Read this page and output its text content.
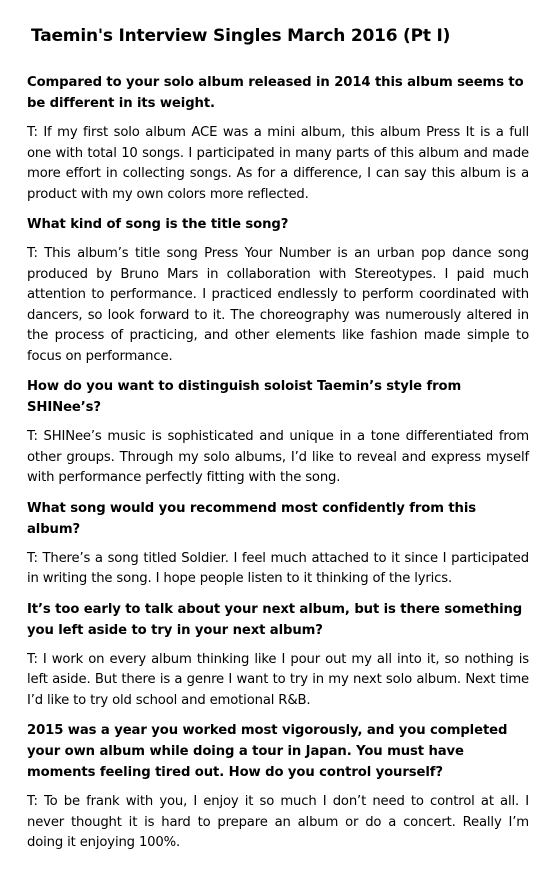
Taemin's Interview Singles March 2016 (Pt I)

Compared to your solo album released in 2014 this album seems to be different in its weight.

T: If my first solo album ACE was a mini album, this album Press It is a full one with total 10 songs. I participated in many parts of this album and made more effort in collecting songs. As for a difference, I can say this album is a product with my own colors more reflected.

What kind of song is the title song?

T: This album’s title song Press Your Number is an urban pop dance song produced by Bruno Mars in collaboration with Stereotypes. I paid much attention to performance. I practiced endlessly to perform coordinated with dancers, so look forward to it. The choreography was numerously altered in the process of practicing, and other elements like fashion made simple to focus on performance.

How do you want to distinguish soloist Taemin’s style from SHINee’s?

T: SHINee’s music is sophisticated and unique in a tone differentiated from other groups. Through my solo albums, I’d like to reveal and express myself with performance perfectly fitting with the song.

What song would you recommend most confidently from this album?

T: There’s a song titled Soldier. I feel much attached to it since I participated in writing the song. I hope people listen to it thinking of the lyrics.

It’s too early to talk about your next album, but is there something you left aside to try in your next album?

T: I work on every album thinking like I pour out my all into it, so nothing is left aside. But there is a genre I want to try in my next solo album. Next time I’d like to try old school and emotional R&B.

2015 was a year you worked most vigorously, and you completed your own album while doing a tour in Japan. You must have moments feeling tired out. How do you control yourself?

T: To be frank with you, I enjoy it so much I don’t need to control at all. I never thought it is hard to prepare an album or do a concert. Really I’m doing it enjoying 100%.
